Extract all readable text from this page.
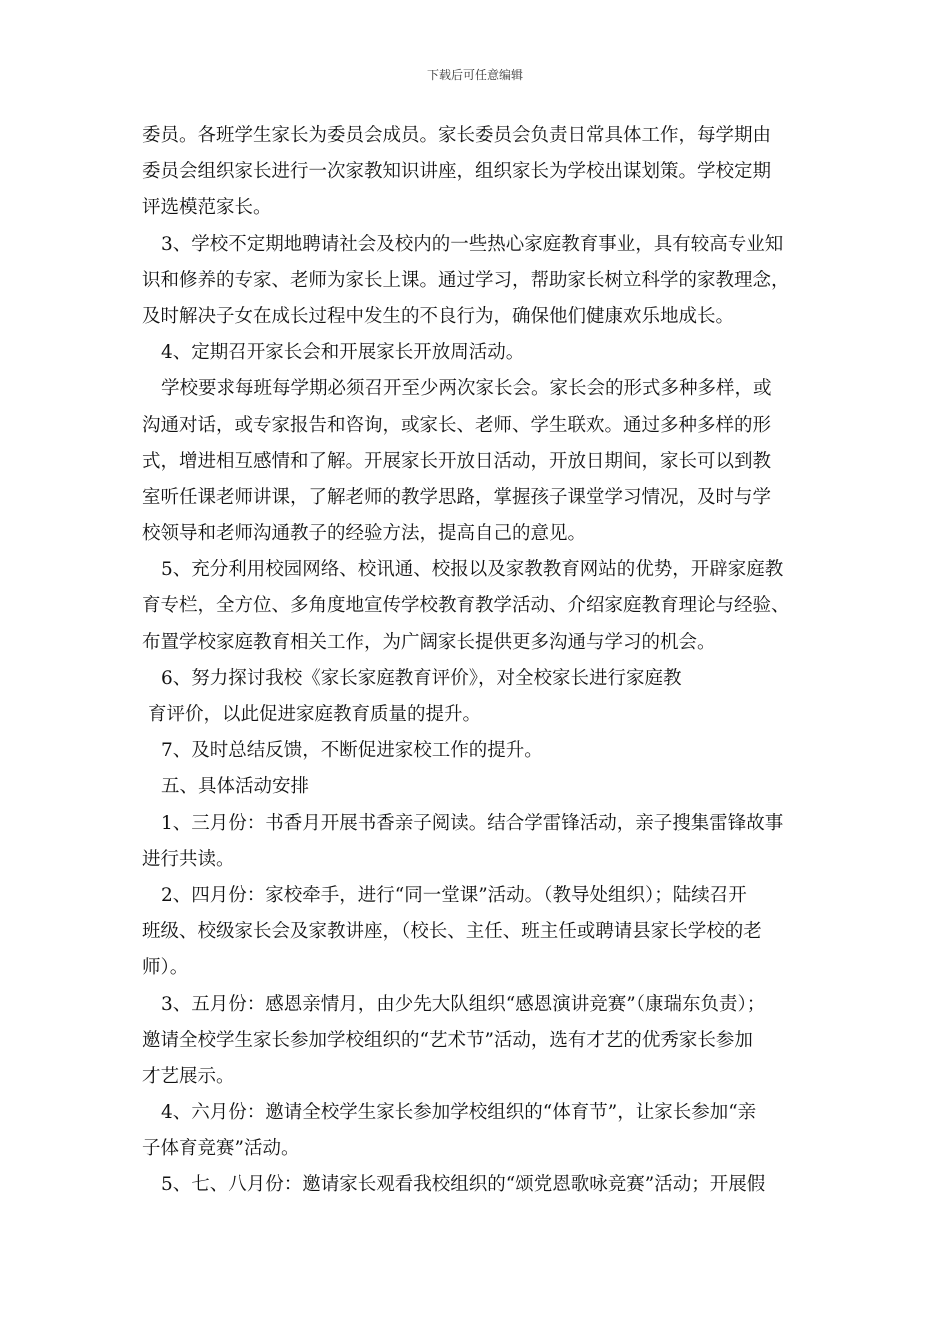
下载后可任意编辑
委员。各班学生家长为委员会成员。家长委员会负责日常具体工作，每学期由
委员会组织家长进行一次家教知识讲座，组织家长为学校出谋划策。学校定期
评选模范家长。
3、学校不定期地聘请社会及校内的一些热心家庭教育事业，具有较高专业知
识和修养的专家、老师为家长上课。通过学习，帮助家长树立科学的家教理念，
及时解决子女在成长过程中发生的不良行为，确保他们健康欢乐地成长。
4、定期召开家长会和开展家长开放周活动。
学校要求每班每学期必须召开至少两次家长会。家长会的形式多种多样，或
沟通对话，或专家报告和咨询，或家长、老师、学生联欢。通过多种多样的形
式，增进相互感情和了解。开展家长开放日活动，开放日期间，家长可以到教
室听任课老师讲课，了解老师的教学思路，掌握孩子课堂学习情况，及时与学
校领导和老师沟通教子的经验方法，提高自己的意见。
5、充分利用校园网络、校讯通、校报以及家教教育网站的优势，开辟家庭教
育专栏，全方位、多角度地宣传学校教育教学活动、介绍家庭教育理论与经验、
布置学校家庭教育相关工作，为广阔家长提供更多沟通与学习的机会。
6、努力探讨我校《家长家庭教育评价》，对全校家长进行家庭教
育评价，以此促进家庭教育质量的提升。
7、及时总结反馈，不断促进家校工作的提升。
五、具体活动安排
1、三月份：书香月开展书香亲子阅读。结合学雷锋活动，亲子搜集雷锋故事
进行共读。
2、四月份：家校牵手，进行“同一堂课”活动。（教导处组织）；陆续召开
班级、校级家长会及家教讲座，（校长、主任、班主任或聘请县家长学校的老
师）。
3、五月份：感恩亲情月，由少先大队组织“感恩演讲竞赛”（康瑞东负责）；
邀请全校学生家长参加学校组织的“艺术节”活动，选有才艺的优秀家长参加
才艺展示。
4、六月份：邀请全校学生家长参加学校组织的“体育节”，让家长参加“亲
子体育竞赛”活动。
5、七、八月份：邀请家长观看我校组织的“颂党恩歌咏竞赛”活动；开展假
